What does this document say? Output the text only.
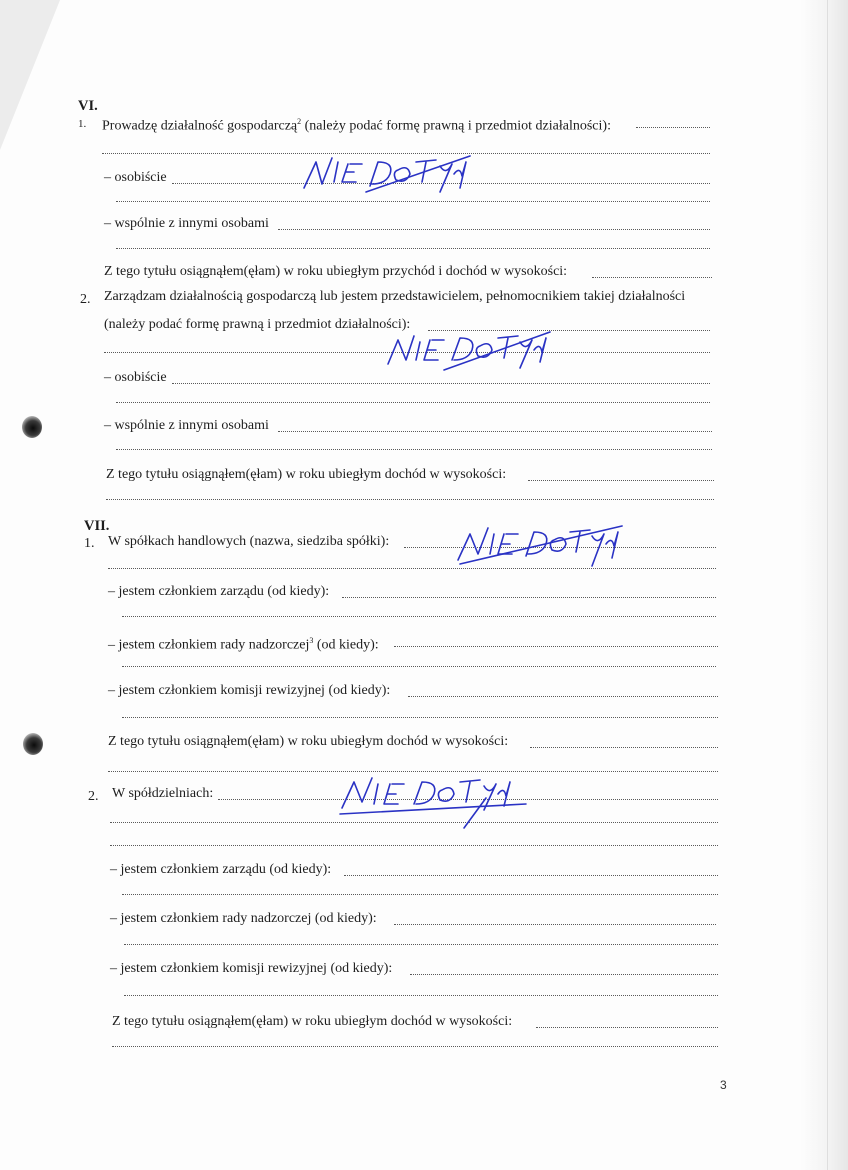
VI.
1. Prowadzę działalność gospodarczą$^2$ (należy podać formę prawną i przedmiot działalności):
– osobiście
– wspólnie z innymi osobami
Z tego tytułu osiągnąłem(ęłam) w roku ubiegłym przychód i dochód w wysokości:
2. Zarządzam działalnością gospodarczą lub jestem przedstawicielem, pełnomocnikiem takiej działalności
(należy podać formę prawną i przedmiot działalności):
– osobiście
– wspólnie z innymi osobami
Z tego tytułu osiągnąłem(ęłam) w roku ubiegłym dochód w wysokości:
VII.
1. W spółkach handlowych (nazwa, siedziba spółki):
– jestem członkiem zarządu (od kiedy):
– jestem członkiem rady nadzorczej$^3$ (od kiedy):
– jestem członkiem komisji rewizyjnej (od kiedy):
Z tego tytułu osiągnąłem(ęłam) w roku ubiegłym dochód w wysokości:
2. W spółdzielniach:
– jestem członkiem zarządu (od kiedy):
– jestem członkiem rady nadzorczej (od kiedy):
– jestem członkiem komisji rewizyjnej (od kiedy):
Z tego tytułu osiągnąłem(ęłam) w roku ubiegłym dochód w wysokości:
3
